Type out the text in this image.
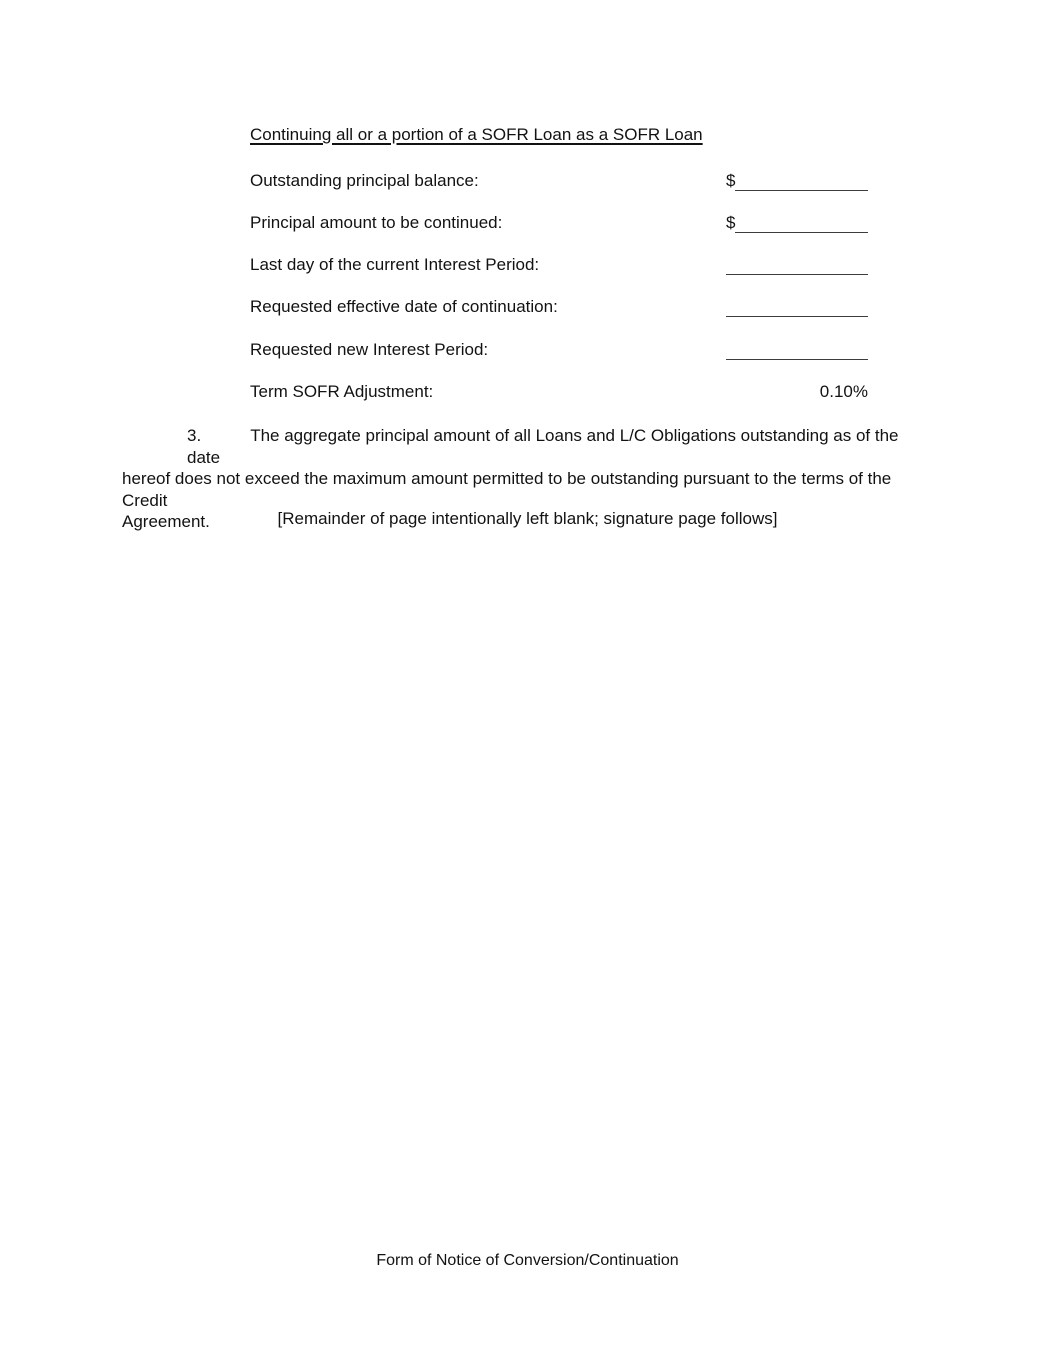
Continuing all or a portion of a SOFR Loan as a SOFR Loan
Outstanding principal balance:	$
Principal amount to be continued:	$
Last day of the current Interest Period:
Requested effective date of continuation:
Requested new Interest Period:
Term SOFR Adjustment:	0.10%
3.	The aggregate principal amount of all Loans and L/C Obligations outstanding as of the date
hereof does not exceed the maximum amount permitted to be outstanding pursuant to the terms of the Credit
Agreement.	[Remainder of page intentionally left blank; signature page follows]
Form of Notice of Conversion/Continuation
